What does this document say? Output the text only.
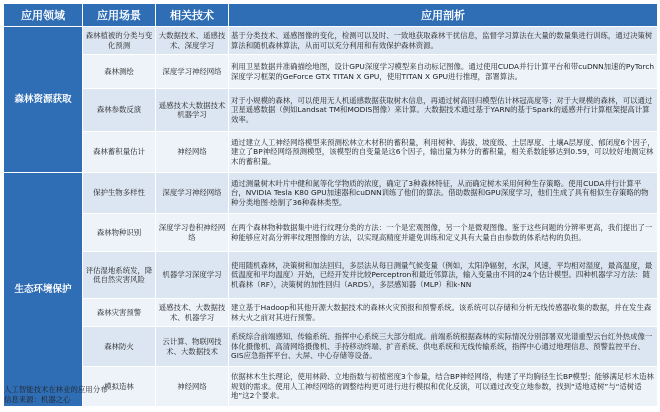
应用领域	应用场景	相关技术	应用剖析
森林资源获取	森林植被的分类与变化预测	大数据技术、遥感技术、深度学习	基于分类技术、遥感图像的变化，检测可以及时、一致地获取森林干扰信息，监督学习算法在大量的数量集进行训练，通过决策树算法和随机森林算法，从而可以充分利用和有效保护森林资源。
	森林测绘	深度学习神经网络	利用卫星数据并准确描绘地图，设计GPU深度学习模型来自动标记图像。通过使用CUDA并行计算平台和带cuDNN加速的PyTorch深度学习框架的GeForce GTX TITAN X GPU，使用TITAN X GPU进行推理，部署算法。
	森林参数反演	遥感技术大数据技术机器学习	对于小规模的森林，可以使用无人机遥感数据获取树木信息，再通过树高回归模型估计林冠高度等；对于大规模的森林，可以通过卫星遥感数据（例如Landsat TM和MODIS图像）来计算。大数据技术通过基于YARN的基于Spark的遥感并行计算框架提高计算效率。
	森林蓄积量估计	神经网络	通过建立人工神经网络模型来预测松林立木材积的蓄积量，利用树种、海拔、坡度级、土层厚度、土壤A层厚度、郁闭度6个因子，建立了BP神经网络预测模型，该模型的自变量是这6个因子，输出量为林分的蓄积量，相关系数能够达到0.59，可以较好地测定林木的蓄积量。
生态环境保护	保护生物多样性	深度学习神经网络	通过测量树木叶片中健和氮等化学物质的浓度，确定了3种森林特征，从而确定树木采用何种生存策略。使用CUDA并行计算平台，NVIDIA Tesla K80 GPU加速器和cuDNN训练了他们的算法。借助数据和GPU深度学习，他们生成了具有相似生存策略的物种分类地图·绘制了36种森林类型。
	森林物种识别	深度学习卷积神经网络	在两个森林物种数据集中进行纹理分类的方法：一个是宏观图像，另一个是微观图像。鉴于这些问题的分辨率更高，我们提出了一种能够应对高分辨率纹理图像的方法，以实现高精度并避免训练和定义具有大量自由参数的体系结构的负担。
	评估湿地系统发，降低自然灾害风险	机器学习深度学习	使用随机森林，决策树和加法回归，多层法从每日测量气候变量（例如，太阳净辐射，水深，风速，平均相对湿度，最高温度，最低温度和平均温度）开始，已经开发并比较Perceptron和最近邻算法，输入变量由不同的24个估计模型。四种机器学习方法：随机森林（RF），决策树的加性回归（ARDS），多层感知器（MLP）和k-NN
	森林灾害预警	遥感技术、大数据技术、机器学习	建立基于Hadoop和其他开源大数据技术的森林火灾预报和预警系统。该系统可以存储和分析无线传感器收集的数据，并在发生森林大火之前对其进行预警。
	森林防火	云计算、物联网技术、大数据技术	系统综合前端感知、传输系统、指挥中心系统三大部分组成。前端系统根据森林的实际情况分别部署双光谱重型云台红外热成像一体化摄像机、高清网络摄像机、手持移动终端、扩音系统、供电系统和无线传输系统，指挥中心通过地理信息、预警监控平台、GIS应急指挥平台、大屏、中心存储等设备。
	模拟造林	神经网络	依据林木生长理论，使用林龄、立地指数与初植密度3个参量，结合BP神经网络，构建了平均胸径生长BP模型；能够满足杉木造林规划的需求。使用人工神经网络的调整结构更可进行进行模拟和优化反演，可以通过改变立地参数，找到“适地适树”与“适树适地”这2个要求。
人工智能技术在林业的应用分布
信息来源：机器之心
